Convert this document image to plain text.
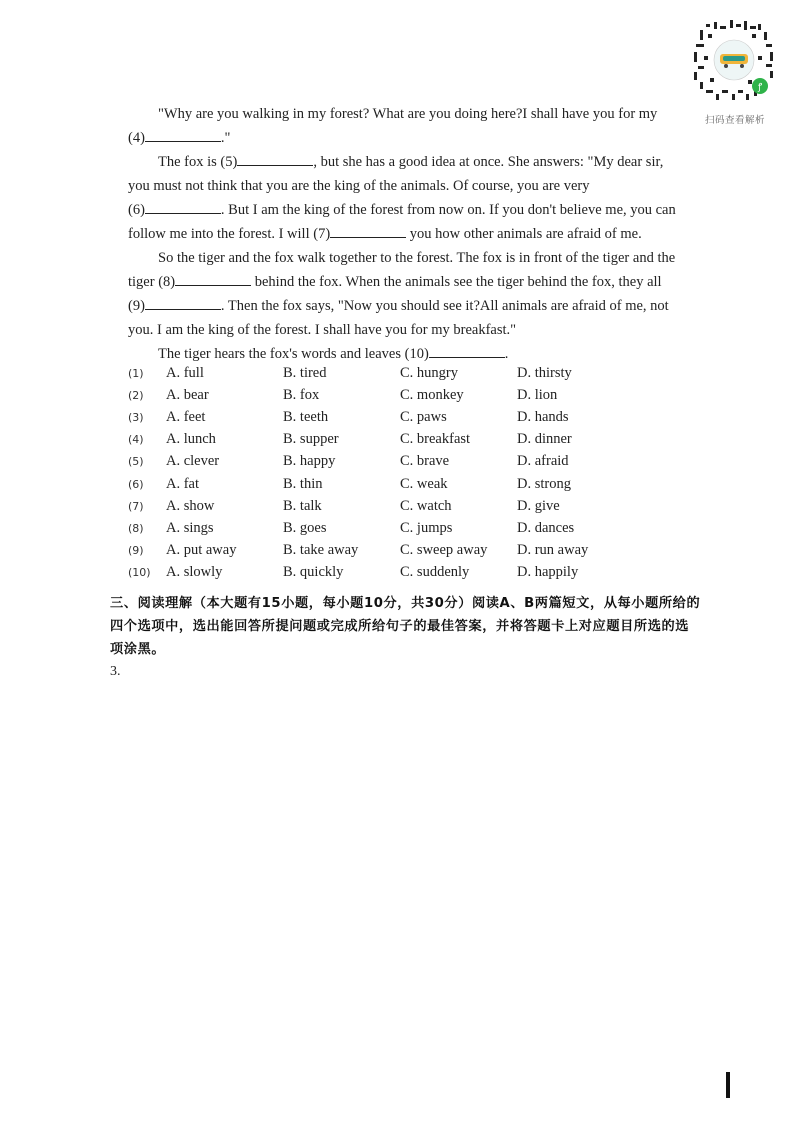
ꝭ
扫码查看解析

"Why are you walking in my forest? What are you doing here?I shall have you for my

(4)	."

The fox is (5)	, but she has a good idea at once. She answers: "My dear sir,

you must not think that you are the king of the animals. Of course, you are very

(6)	. But I am the king of the forest from now on. If you don't believe me, you can

follow me into the forest. I will (7)	you how other animals are afraid of me.

So the tiger and the fox walk together to the forest. The fox is in front of the tiger and the

tiger (8)	behind the fox. When the animals see the tiger behind the fox, they all

(9)	. Then the fox says, "Now you should see it?All animals are afraid of me, not

you. I am the king of the forest. I shall have you for my breakfast."

The tiger hears the fox's words and leaves (10)	.

(1)	A. full	B. tired	C. hungry	D. thirsty
(2)	A. bear	B. fox	C. monkey	D. lion
(3)	A. feet	B. teeth	C. paws	D. hands
(4)	A. lunch	B. supper	C. breakfast	D. dinner
(5)	A. clever	B. happy	C. brave	D. afraid
(6)	A. fat	B. thin	C. weak	D. strong
(7)	A. show	B. talk	C. watch	D. give
(8)	A. sings	B. goes	C. jumps	D. dances
(9)	A. put away	B. take away	C. sweep away	D. run away
(10)	A. slowly	B. quickly	C. suddenly	D. happily
三、阅读理解（本大题有15小题，每小题10分，共30分）阅读A、B两篇短文，从每小题所给的四个选项中，选出能回答所提问题或完成所给句子的最佳答案，并将答题卡上对应题目所选的选项涂黑。
3.
